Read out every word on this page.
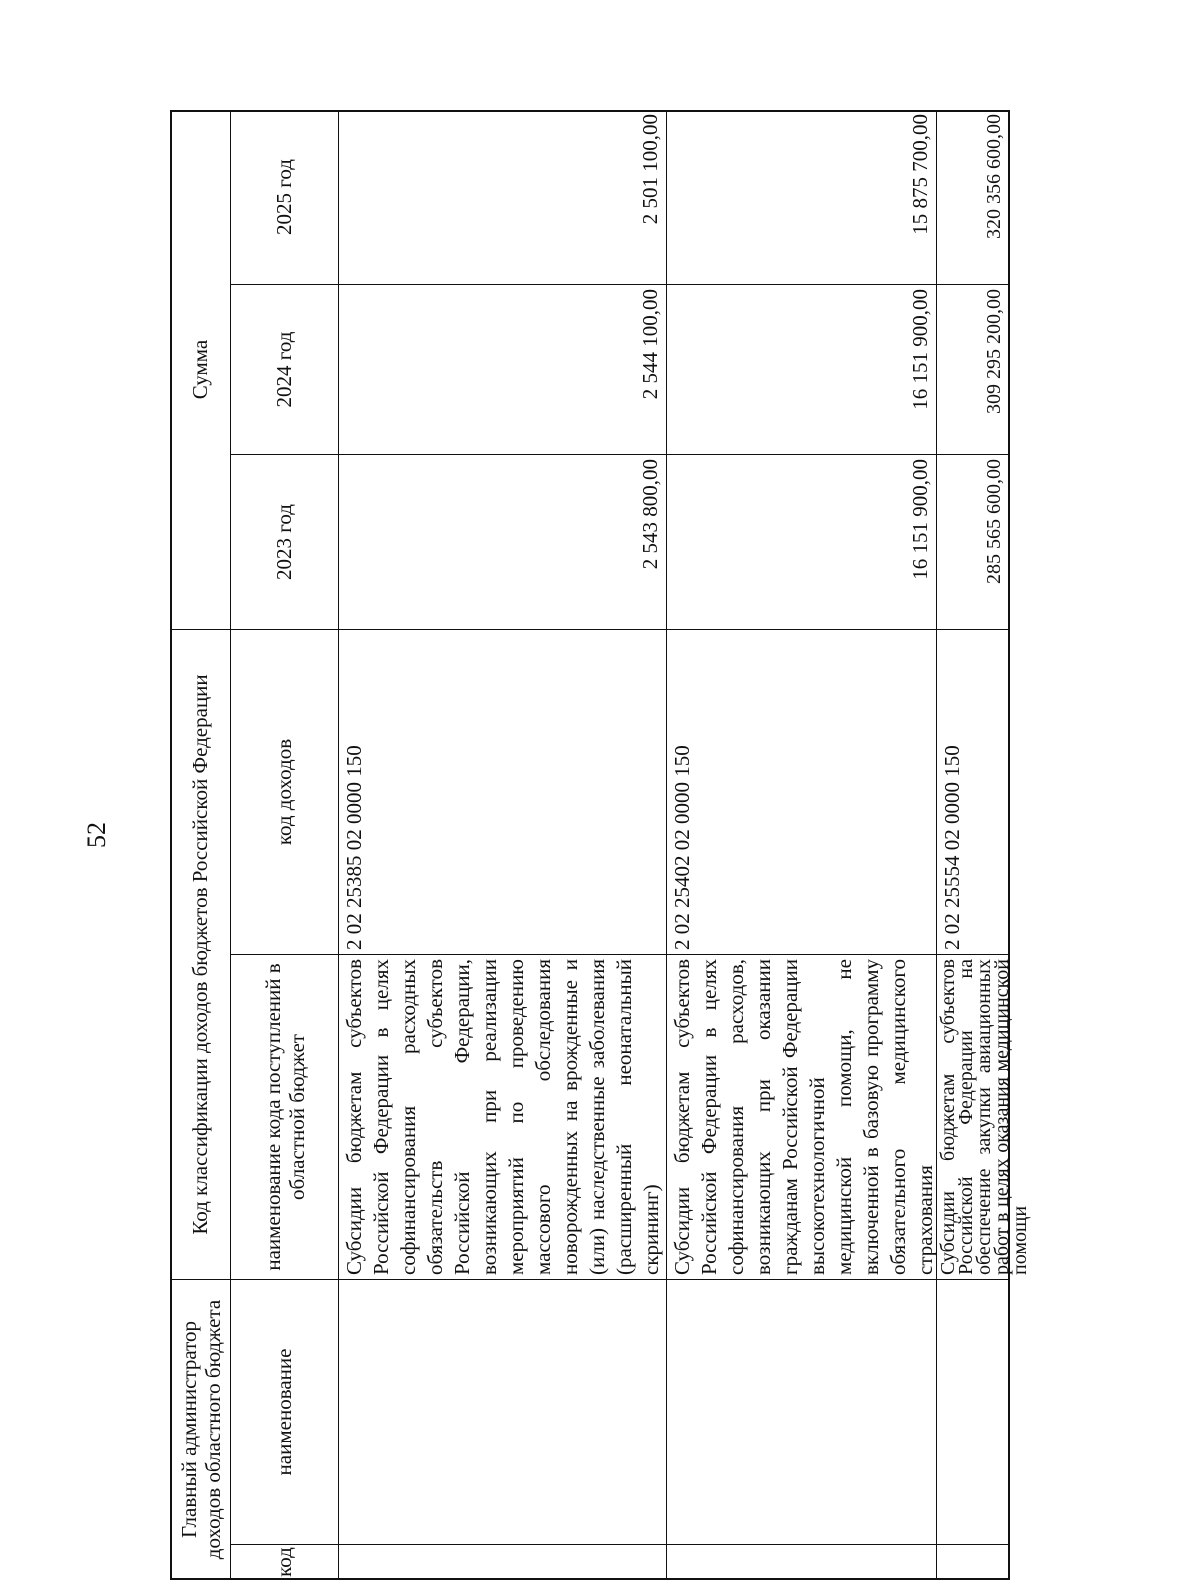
52
Главный администратор доходов областного бюджета
Код классификации доходов бюджетов Российской Федерации
Сумма
код
наименование
наименование кода поступлений в областной бюджет
код доходов
2023 год
2024 год
2025 год
Субсидии бюджетам субъектов Российской Федерации в целях софинансирования расходных обязательств субъектов Российской Федерации, возникающих при реализации мероприятий по проведению массового обследования новорожденных на врожденные и (или) наследственные заболевания (расширенный неонатальный скрининг)
2 02 25385 02 0000 150
2 543 800,00
2 544 100,00
2 501 100,00
Субсидии бюджетам субъектов Российской Федерации в целях софинансирования расходов, возникающих при оказании гражданам Российской Федерации высокотехнологичной медицинской помощи, не включенной в базовую программу обязательного медицинского страхования
2 02 25402 02 0000 150
16 151 900,00
16 151 900,00
15 875 700,00
Субсидии бюджетам субъектов Российской Федерации на обеспечение закупки авиационных работ в целях оказания медицинской помощи
2 02 25554 02 0000 150
285 565 600,00
309 295 200,00
320 356 600,00
